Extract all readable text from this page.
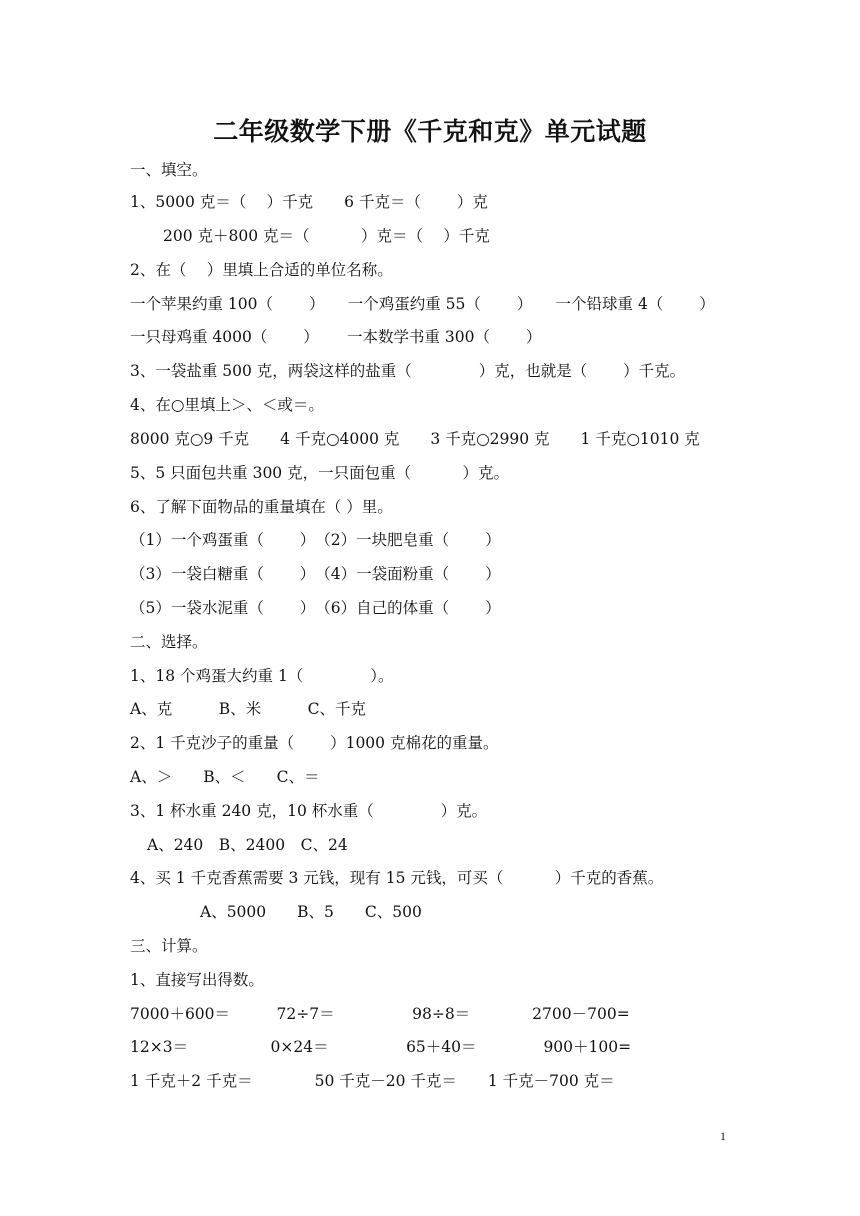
二年级数学下册《千克和克》单元试题
一、填空。
1、5000 克＝（　 ）千克　　6 千克＝（　　 ）克
200 克＋800 克＝（　　　 ）克＝（　 ）千克
2、在（　 ）里填上合适的单位名称。
一个苹果约重 100（　　 ）　　一个鸡蛋约重 55（　　 ）　　一个铅球重 4（　　 ）
一只母鸡重 4000（　　 ）　　 一本数学书重 300（　　 ）
3、一袋盐重 500 克，两袋这样的盐重（　　　　 ）克，也就是（　　 ）千克。
4、在○里填上＞、＜或＝。
8000 克○9 千克　　4 千克○4000 克　　3 千克○2990 克　　1 千克○1010 克
5、5 只面包共重 300 克，一只面包重（　　　 ）克。
6、了解下面物品的重量填在（ ）里。
（1）一个鸡蛋重（　　 ）　（2）一块肥皂重（　　 ）
（3）一袋白糖重（　　 ）　（4）一袋面粉重（　　 ）
（5）一袋水泥重（　　 ）　（6）自己的体重（　　 ）
二、选择。
1、18 个鸡蛋大约重 1（　　　　 ）。
A、克　　　B、米　　　C、千克
2、1 千克沙子的重量（　　 ）1000 克棉花的重量。
A、＞　　B、＜　　C、＝
3、1 杯水重 240 克，10 杯水重（　　　　 ）克。
A、240　B、2400　C、24
4、买 1 千克香蕉需要 3 元钱，现有 15 元钱，可买（　　　 ）千克的香蕉。
A、5000　　B、5　　C、500
三、计算。
1、直接写出得数。
7000＋600＝　　　72÷7＝　　　　　98÷8＝　　　　2700－700=
12×3＝　　　　　 0×24＝　　　　　65＋40＝　　　　 900＋100=
1 千克＋2 千克＝　　　　50 千克－20 千克＝　　1 千克－700 克＝
1
